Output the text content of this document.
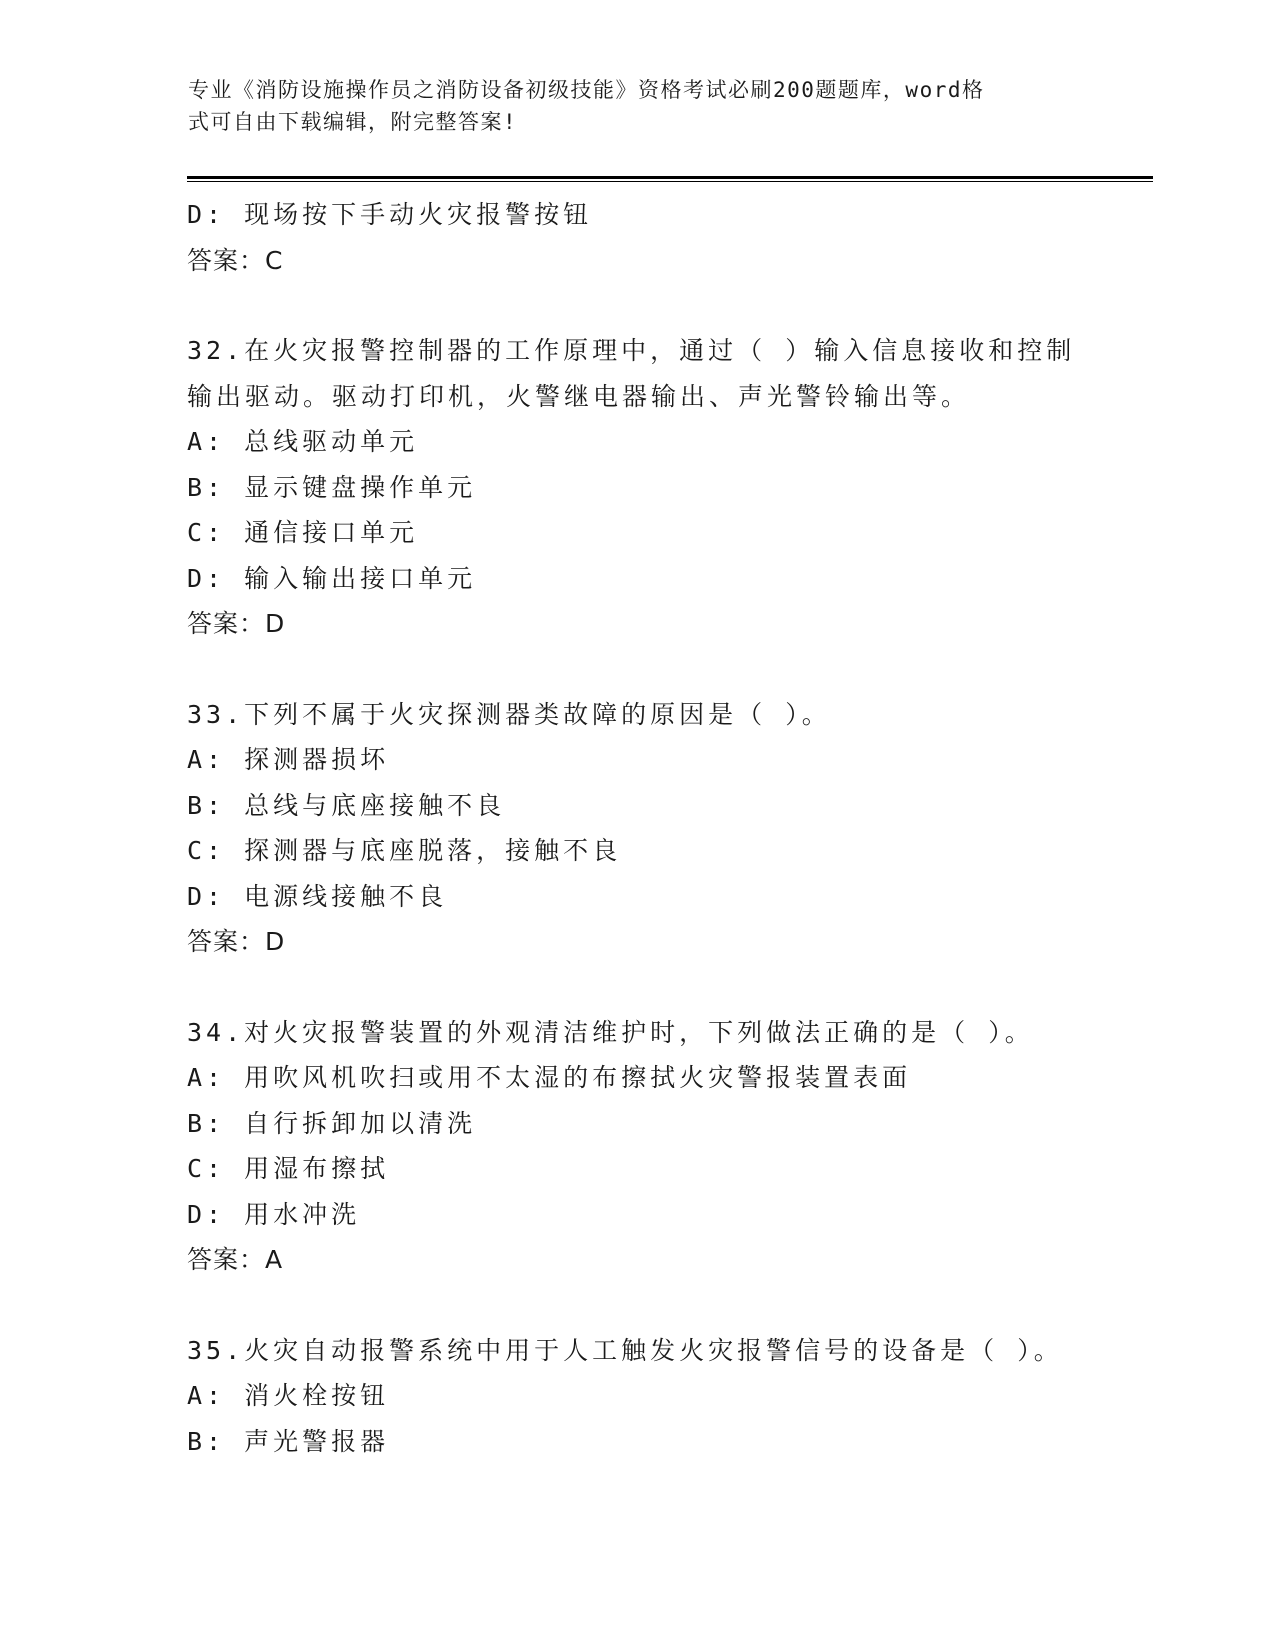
专业《消防设施操作员之消防设备初级技能》资格考试必刷200题题库，word格
式可自由下载编辑，附完整答案!
D: 现场按下手动火灾报警按钮
答案：C
32.在火灾报警控制器的工作原理中，通过（ ）输入信息接收和控制
输出驱动。驱动打印机，火警继电器输出、声光警铃输出等。
A: 总线驱动单元
B: 显示键盘操作单元
C: 通信接口单元
D: 输入输出接口单元
答案：D
33.下列不属于火灾探测器类故障的原因是（ ）。
A: 探测器损坏
B: 总线与底座接触不良
C: 探测器与底座脱落，接触不良
D: 电源线接触不良
答案：D
34.对火灾报警装置的外观清洁维护时，下列做法正确的是（ ）。
A: 用吹风机吹扫或用不太湿的布擦拭火灾警报装置表面
B: 自行拆卸加以清洗
C: 用湿布擦拭
D: 用水冲洗
答案：A
35.火灾自动报警系统中用于人工触发火灾报警信号的设备是（ ）。
A: 消火栓按钮
B: 声光警报器
